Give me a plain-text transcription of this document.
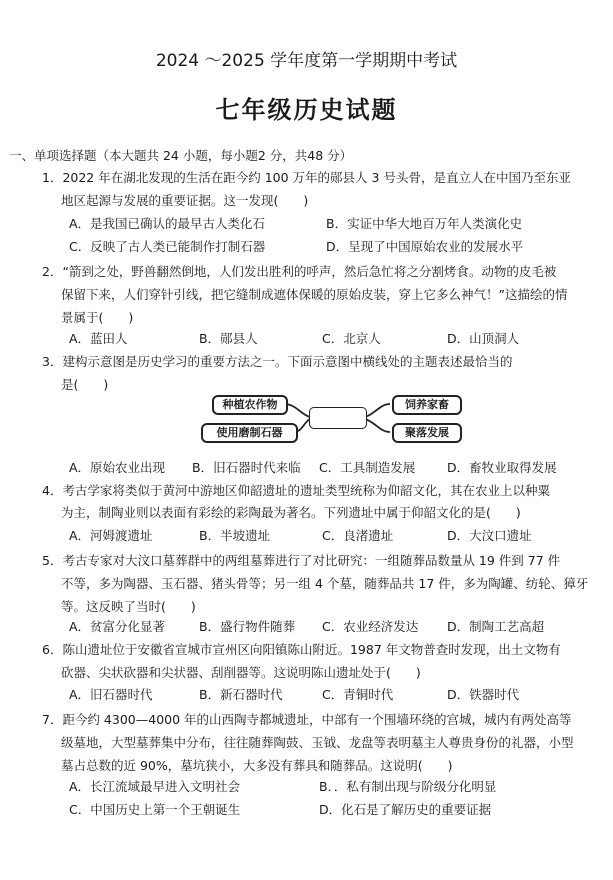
2024 ～2025 学年度第一学期期中考试
七年级历史试题
一、单项选择题（本大题共 24 小题，每小题2 分，共48 分）
1．2022 年在湖北发现的生活在距今约 100 万年的郧县人 3 号头骨，是直立人在中国乃至东亚
地区起源与发展的重要证据。这一发现(　　)
A．是我国已确认的最早古人类化石	B．实证中华大地百万年人类演化史
C．反映了古人类已能制作打制石器	D．呈现了中国原始农业的发展水平
2．“箭到之处，野兽翻然倒地，人们发出胜利的呼声，然后急忙将之分割烤食。动物的皮毛被
保留下来，人们穿针引线，把它缝制成遮体保暖的原始皮装，穿上它多么神气！”这描绘的情
景属于(　　)
A．蓝田人	B．郧县人	C．北京人	D．山顶洞人
3．建构示意图是历史学习的重要方法之一。下面示意图中横线处的主题表述最恰当的
是(　　)
种植农作物
使用磨制石器
饲养家畜
聚落发展
A．原始农业出现 B．旧石器时代来临 C．工具制造发展	D．畜牧业取得发展
4．考古学家将类似于黄河中游地区仰韶遗址的遗址类型统称为仰韶文化，其在农业上以种粟
为主，制陶业则以表面有彩绘的彩陶最为著名。下列遗址中属于仰韶文化的是(　　)
A．河姆渡遗址	B．半坡遗址	C．良渚遗址	D．大汶口遗址
5．考古专家对大汶口墓葬群中的两组墓葬进行了对比研究：一组随葬品数量从 19 件到 77 件
不等，多为陶器、玉石器、猪头骨等；另一组 4 个墓，随葬品共 17 件，多为陶罐、纺轮、獐牙
等。这反映了当时(　　)
A．贫富分化显著	B．盛行物件随葬 C．农业经济发达 D．制陶工艺高超
6．陈山遗址位于安徽省宣城市宣州区向阳镇陈山附近。1987 年文物普查时发现，出土文物有
砍器、尖状砍器和尖状器、刮削器等。这说明陈山遗址处于(　　)
A．旧石器时代	B．新石器时代	C．青铜时代	D．铁器时代
7．距今约 4300—4000 年的山西陶寺都城遗址，中部有一个围墙环绕的宫城，城内有两处高等
级墓地，大型墓葬集中分布，往往随葬陶鼓、玉钺、龙盘等表明墓主人尊贵身份的礼器，小型
墓占总数的近 90%，墓坑狭小，大多没有葬具和随葬品。这说明(　　)
A．长江流域最早进入文明社会	B．．私有制出现与阶级分化明显
C．中国历史上第一个王朝诞生	D．化石是了解历史的重要证据
